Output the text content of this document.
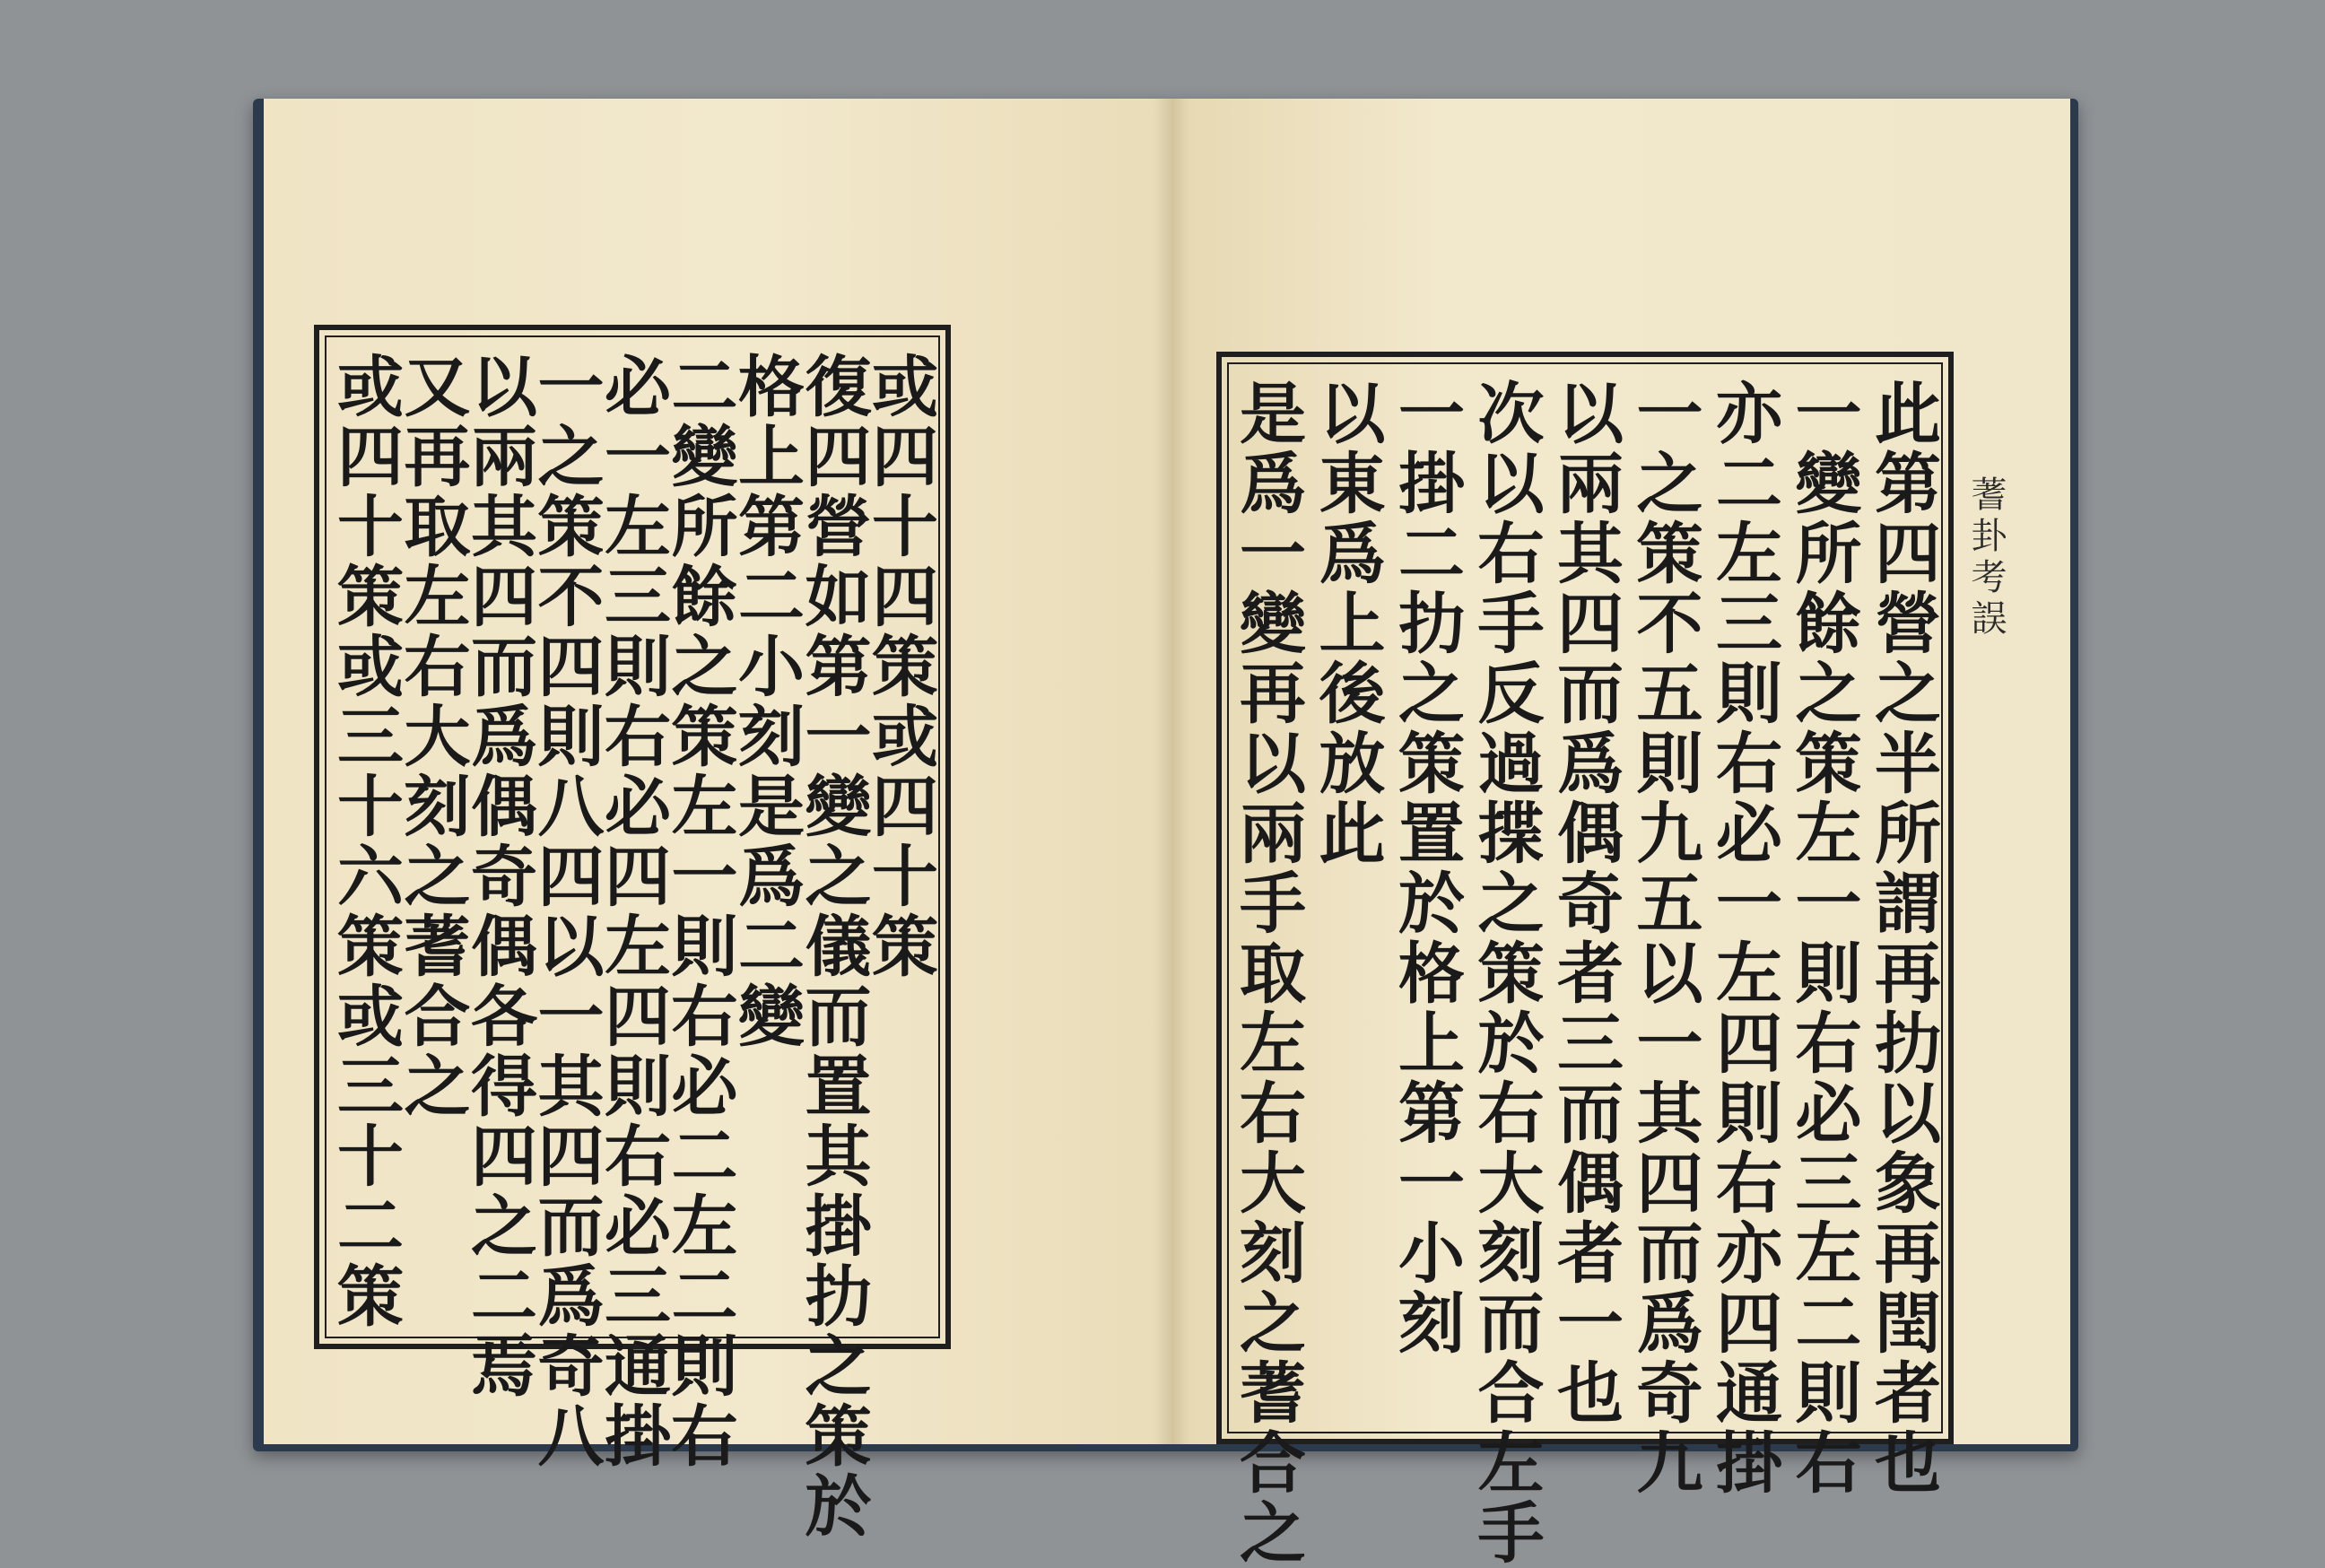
或四十四策或四十策
復四營如第一變之儀而置其掛扐之策於
格上第二小刻是爲二變
二變所餘之策左一則右必二左二則右
必一左三則右必四左四則右必三通掛
一之策不四則八四以一其四而爲奇八
以兩其四而爲偶奇偶各得四之二焉
又再取左右大刻之蓍合之
或四十策或三十六策或三十二策	此第四營之半所謂再扐以象再閏者也
一變所餘之策左一則右必三左二則右
亦二左三則右必一左四則右亦四通掛
一之策不五則九五以一其四而爲奇九
以兩其四而爲偶奇者三而偶者一也
次以右手反過揲之策於右大刻而合左手
一掛二扐之策置於格上第一小刻
以東爲上後放此
是爲一變再以兩手取左右大刻之蓍合之	蓍卦考誤
